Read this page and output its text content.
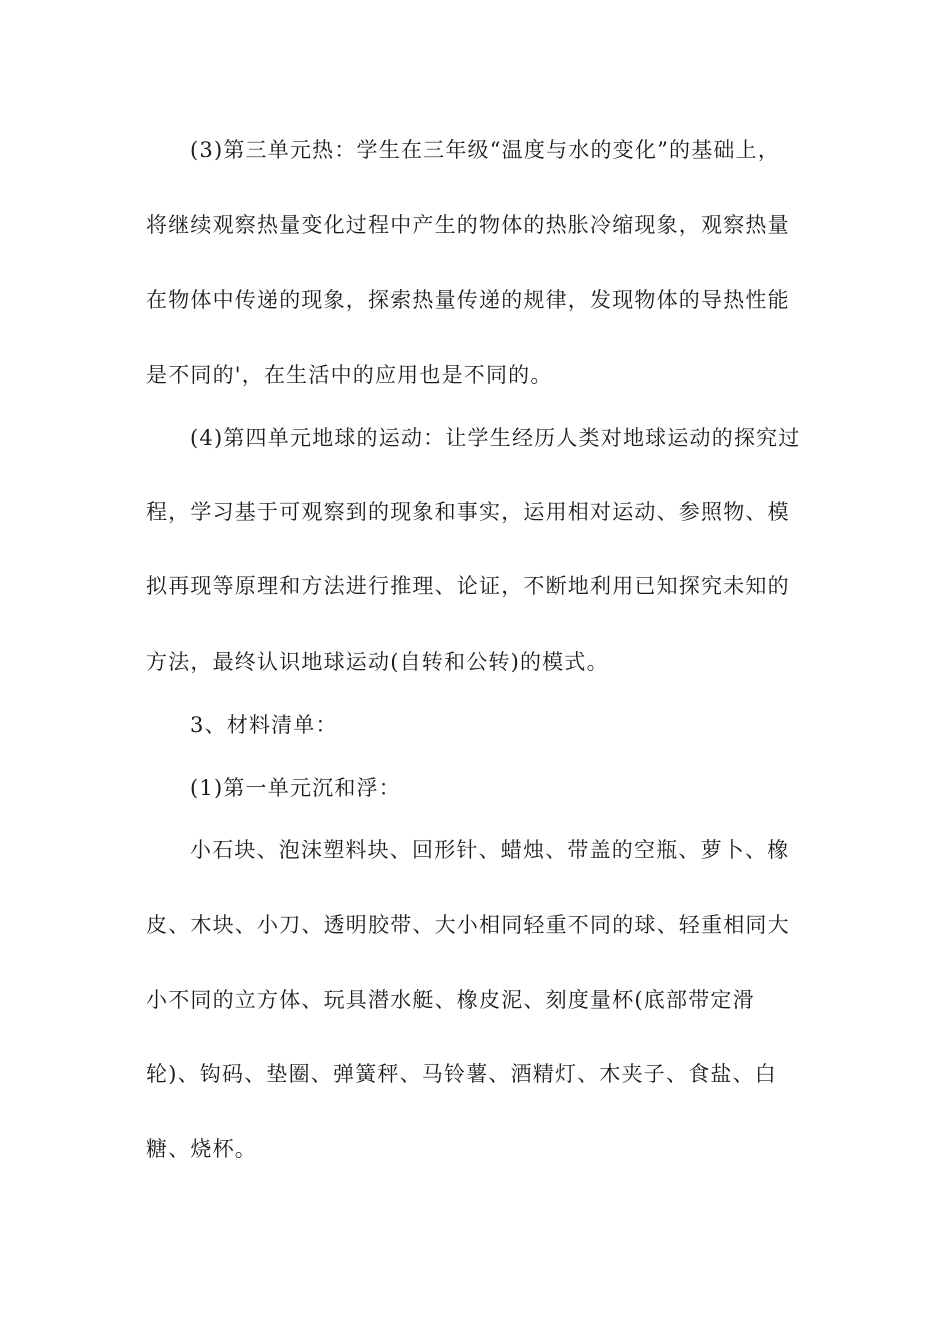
(3)第三单元热：学生在三年级“温度与水的变化”的基础上，
将继续观察热量变化过程中产生的物体的热胀冷缩现象，观察热量
在物体中传递的现象，探索热量传递的规律，发现物体的导热性能
是不同的'，在生活中的应用也是不同的。
(4)第四单元地球的运动：让学生经历人类对地球运动的探究过
程，学习基于可观察到的现象和事实，运用相对运动、参照物、模
拟再现等原理和方法进行推理、论证，不断地利用已知探究未知的
方法，最终认识地球运动(自转和公转)的模式。
3、材料清单：
(1)第一单元沉和浮：
小石块、泡沫塑料块、回形针、蜡烛、带盖的空瓶、萝卜、橡
皮、木块、小刀、透明胶带、大小相同轻重不同的球、轻重相同大
小不同的立方体、玩具潜水艇、橡皮泥、刻度量杯(底部带定滑
轮)、钩码、垫圈、弹簧秤、马铃薯、酒精灯、木夹子、食盐、白
糖、烧杯。
